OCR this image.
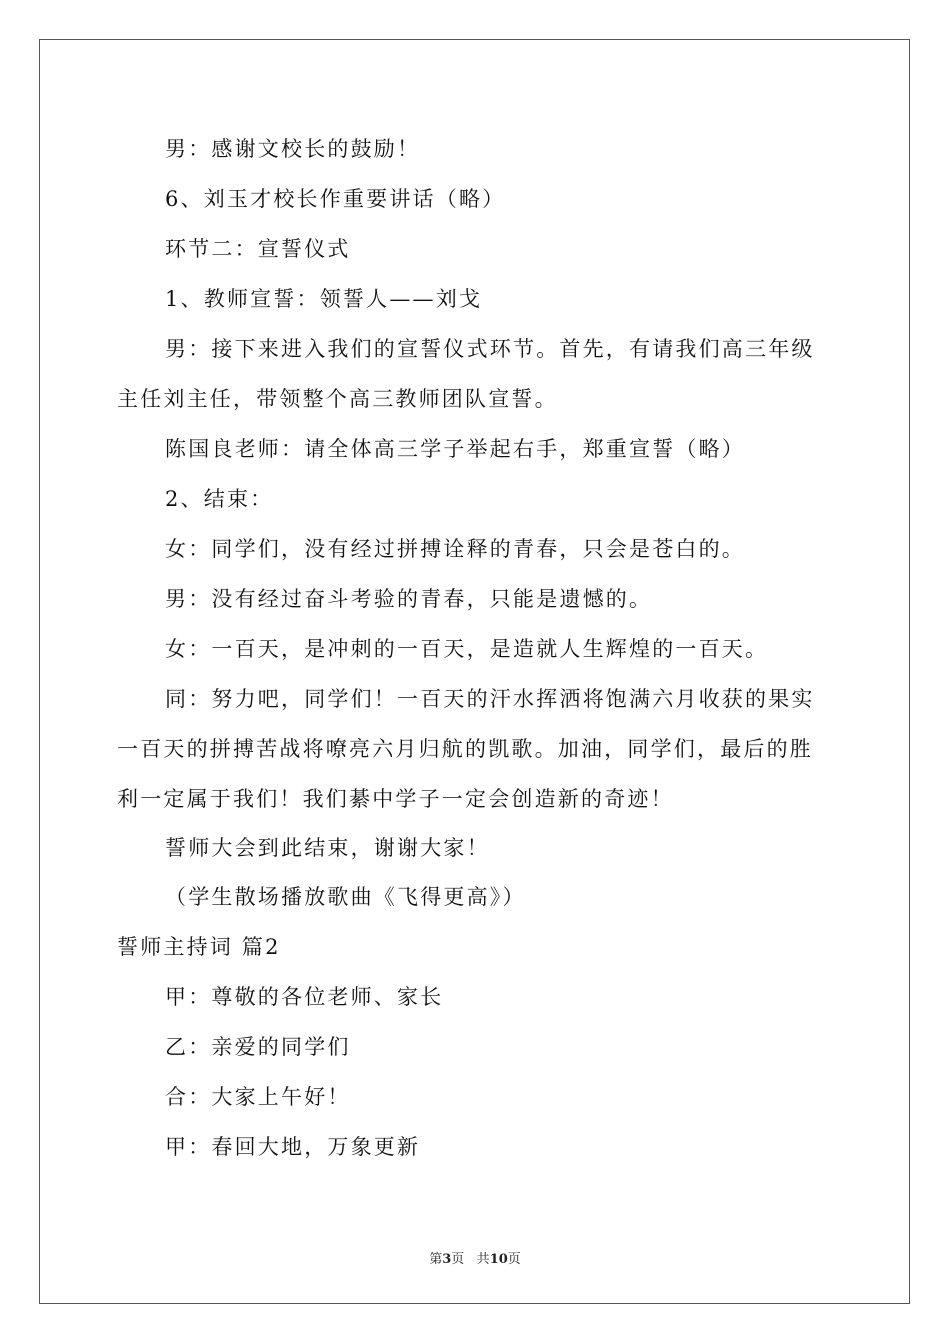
男：感谢文校长的鼓励！
6、刘玉才校长作重要讲话（略）
环节二：宣誓仪式
1、教师宣誓：领誓人——刘戈
男：接下来进入我们的宣誓仪式环节。首先，有请我们高三年级
主任刘主任，带领整个高三教师团队宣誓。
陈国良老师：请全体高三学子举起右手，郑重宣誓（略）
2、结束：
女：同学们，没有经过拼搏诠释的青春，只会是苍白的。
男：没有经过奋斗考验的青春，只能是遗憾的。
女：一百天，是冲刺的一百天，是造就人生辉煌的一百天。
同：努力吧，同学们！一百天的汗水挥洒将饱满六月收获的果实
一百天的拼搏苦战将嘹亮六月归航的凯歌。加油，同学们，最后的胜
利一定属于我们！我们綦中学子一定会创造新的奇迹！
誓师大会到此结束，谢谢大家！
（学生散场播放歌曲《飞得更高》）
誓师主持词 篇2
甲：尊敬的各位老师、家长
乙：亲爱的同学们
合：大家上午好！
甲：春回大地，万象更新
第3页 共10页
